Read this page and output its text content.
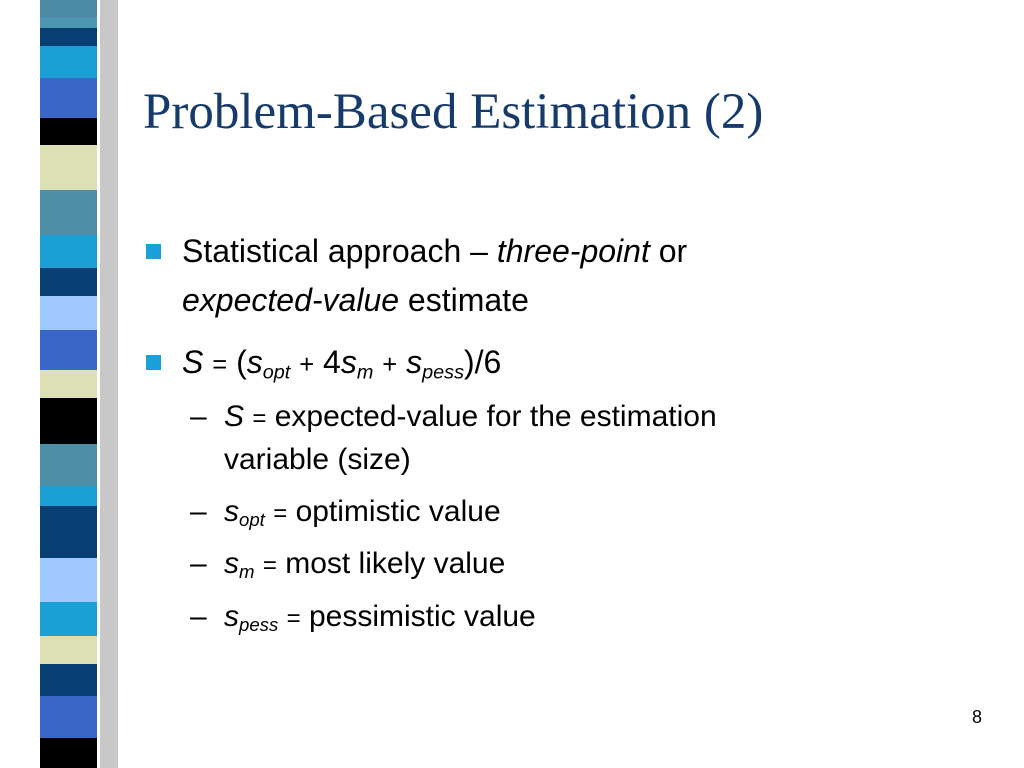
Problem-Based Estimation (2)

Statistical approach – three-point or

expected-value estimate

$S = (s_{opt} + 4s_m + s_{pess})/6$

– S = expected-value for the estimation

variable (size)

– $s_{opt}$ = optimistic value

– $s_m$ = most likely value

– $s_{pess}$ = pessimistic value

8
